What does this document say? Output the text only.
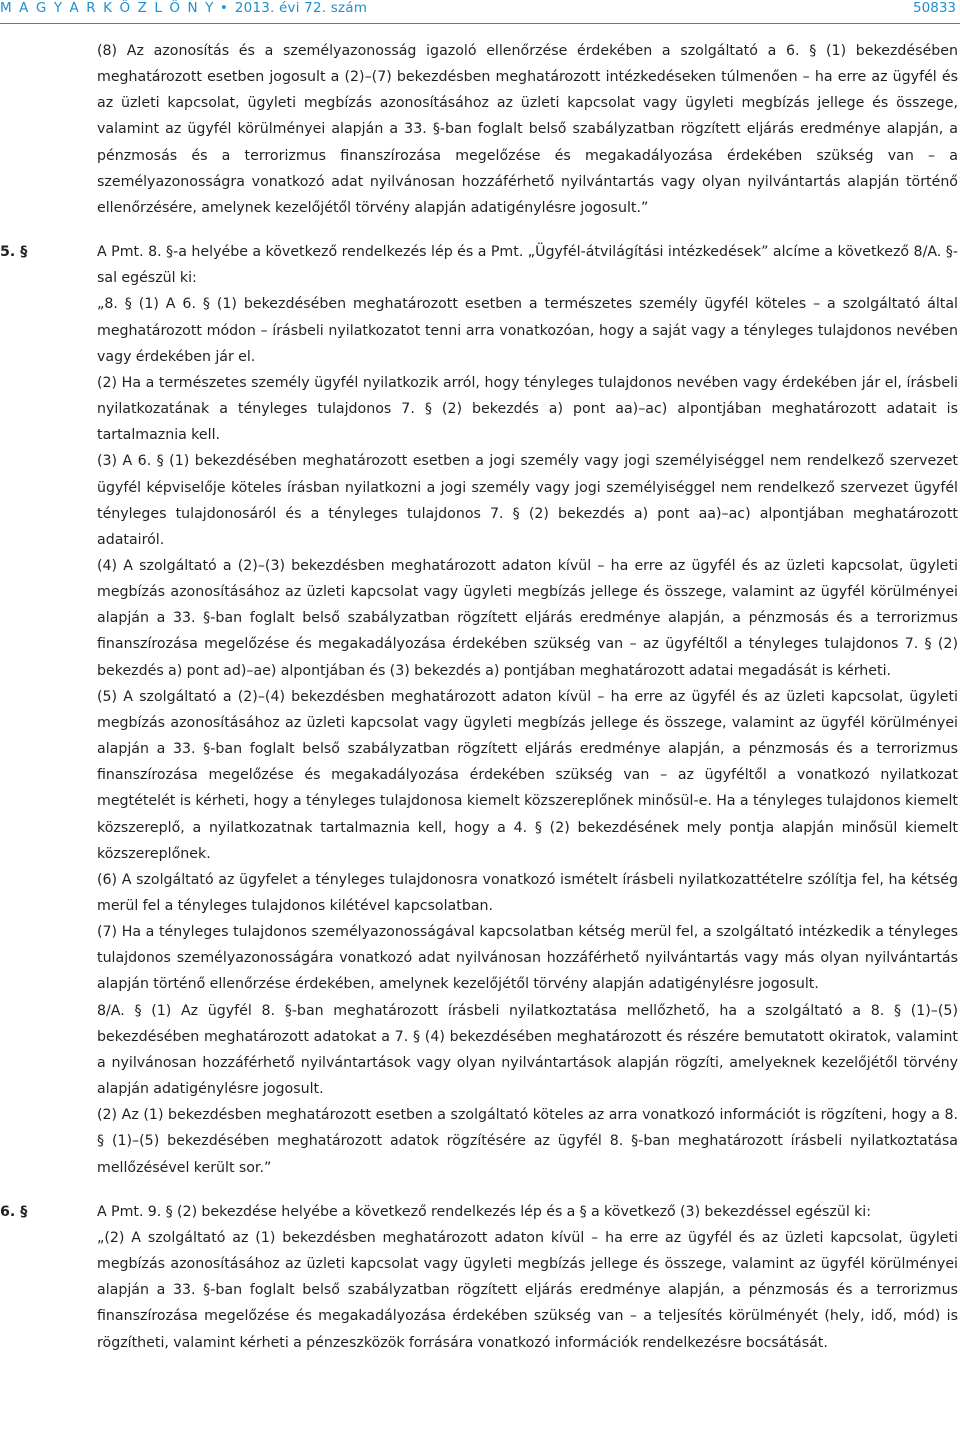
M A G Y A R K Ö Z L Ö N Y • 2013. évi 72. szám	50833

(8) Az azonosítás és a személyazonosság igazoló ellenőrzése érdekében a szolgáltató a 6. § (1) bekezdésében meghatározott esetben jogosult a (2)–(7) bekezdésben meghatározott intézkedéseken túlmenően – ha erre az ügyfél és az üzleti kapcsolat, ügyleti megbízás azonosításához az üzleti kapcsolat vagy ügyleti megbízás jellege és összege, valamint az ügyfél körülményei alapján a 33. §-ban foglalt belső szabályzatban rögzített eljárás eredménye alapján, a pénzmosás és a terrorizmus finanszírozása megelőzése és megakadályozása érdekében szükség van – a személyazonosságra vonatkozó adat nyilvánosan hozzáférhető nyilvántartás vagy olyan nyilvántartás alapján történő ellenőrzésére, amelynek kezelőjétől törvény alapján adatigénylésre jogosult.”

5. §	A Pmt. 8. §-a helyébe a következő rendelkezés lép és a Pmt. „Ügyfél-átvilágítási intézkedések” alcíme a következő 8/A. §-sal egészül ki:

„8. § (1) A 6. § (1) bekezdésében meghatározott esetben a természetes személy ügyfél köteles – a szolgáltató által meghatározott módon – írásbeli nyilatkozatot tenni arra vonatkozóan, hogy a saját vagy a tényleges tulajdonos nevében vagy érdekében jár el.

(2) Ha a természetes személy ügyfél nyilatkozik arról, hogy tényleges tulajdonos nevében vagy érdekében jár el, írásbeli nyilatkozatának a tényleges tulajdonos 7. § (2) bekezdés a) pont aa)–ac) alpontjában meghatározott adatait is tartalmaznia kell.

(3) A 6. § (1) bekezdésében meghatározott esetben a jogi személy vagy jogi személyiséggel nem rendelkező szervezet ügyfél képviselője köteles írásban nyilatkozni a jogi személy vagy jogi személyiséggel nem rendelkező szervezet ügyfél tényleges tulajdonosáról és a tényleges tulajdonos 7. § (2) bekezdés a) pont aa)–ac) alpontjában meghatározott adatairól.

(4) A szolgáltató a (2)–(3) bekezdésben meghatározott adaton kívül – ha erre az ügyfél és az üzleti kapcsolat, ügyleti megbízás azonosításához az üzleti kapcsolat vagy ügyleti megbízás jellege és összege, valamint az ügyfél körülményei alapján a 33. §-ban foglalt belső szabályzatban rögzített eljárás eredménye alapján, a pénzmosás és a terrorizmus finanszírozása megelőzése és megakadályozása érdekében szükség van – az ügyféltől a tényleges tulajdonos 7. § (2) bekezdés a) pont ad)–ae) alpontjában és (3) bekezdés a) pontjában meghatározott adatai megadását is kérheti.

(5) A szolgáltató a (2)–(4) bekezdésben meghatározott adaton kívül – ha erre az ügyfél és az üzleti kapcsolat, ügyleti megbízás azonosításához az üzleti kapcsolat vagy ügyleti megbízás jellege és összege, valamint az ügyfél körülményei alapján a 33. §-ban foglalt belső szabályzatban rögzített eljárás eredménye alapján, a pénzmosás és a terrorizmus finanszírozása megelőzése és megakadályozása érdekében szükség van – az ügyféltől a vonatkozó nyilatkozat megtételét is kérheti, hogy a tényleges tulajdonosa kiemelt közszereplőnek minősül-e. Ha a tényleges tulajdonos kiemelt közszereplő, a nyilatkozatnak tartalmaznia kell, hogy a 4. § (2) bekezdésének mely pontja alapján minősül kiemelt közszereplőnek.

(6) A szolgáltató az ügyfelet a tényleges tulajdonosra vonatkozó ismételt írásbeli nyilatkozattételre szólítja fel, ha kétség merül fel a tényleges tulajdonos kilétével kapcsolatban.

(7) Ha a tényleges tulajdonos személyazonosságával kapcsolatban kétség merül fel, a szolgáltató intézkedik a tényleges tulajdonos személyazonosságára vonatkozó adat nyilvánosan hozzáférhető nyilvántartás vagy más olyan nyilvántartás alapján történő ellenőrzése érdekében, amelynek kezelőjétől törvény alapján adatigénylésre jogosult.

8/A. § (1) Az ügyfél 8. §-ban meghatározott írásbeli nyilatkoztatása mellőzhető, ha a szolgáltató a 8. § (1)–(5) bekezdésében meghatározott adatokat a 7. § (4) bekezdésében meghatározott és részére bemutatott okiratok, valamint a nyilvánosan hozzáférhető nyilvántartások vagy olyan nyilvántartások alapján rögzíti, amelyeknek kezelőjétől törvény alapján adatigénylésre jogosult.

(2) Az (1) bekezdésben meghatározott esetben a szolgáltató köteles az arra vonatkozó információt is rögzíteni, hogy a 8. § (1)–(5) bekezdésében meghatározott adatok rögzítésére az ügyfél 8. §-ban meghatározott írásbeli nyilatkoztatása mellőzésével került sor.”

6. §	A Pmt. 9. § (2) bekezdése helyébe a következő rendelkezés lép és a § a következő (3) bekezdéssel egészül ki:

„(2) A szolgáltató az (1) bekezdésben meghatározott adaton kívül – ha erre az ügyfél és az üzleti kapcsolat, ügyleti megbízás azonosításához az üzleti kapcsolat vagy ügyleti megbízás jellege és összege, valamint az ügyfél körülményei alapján a 33. §-ban foglalt belső szabályzatban rögzített eljárás eredménye alapján, a pénzmosás és a terrorizmus finanszírozása megelőzése és megakadályozása érdekében szükség van – a teljesítés körülményét (hely, idő, mód) is rögzítheti, valamint kérheti a pénzeszközök forrására vonatkozó információk rendelkezésre bocsátását.
